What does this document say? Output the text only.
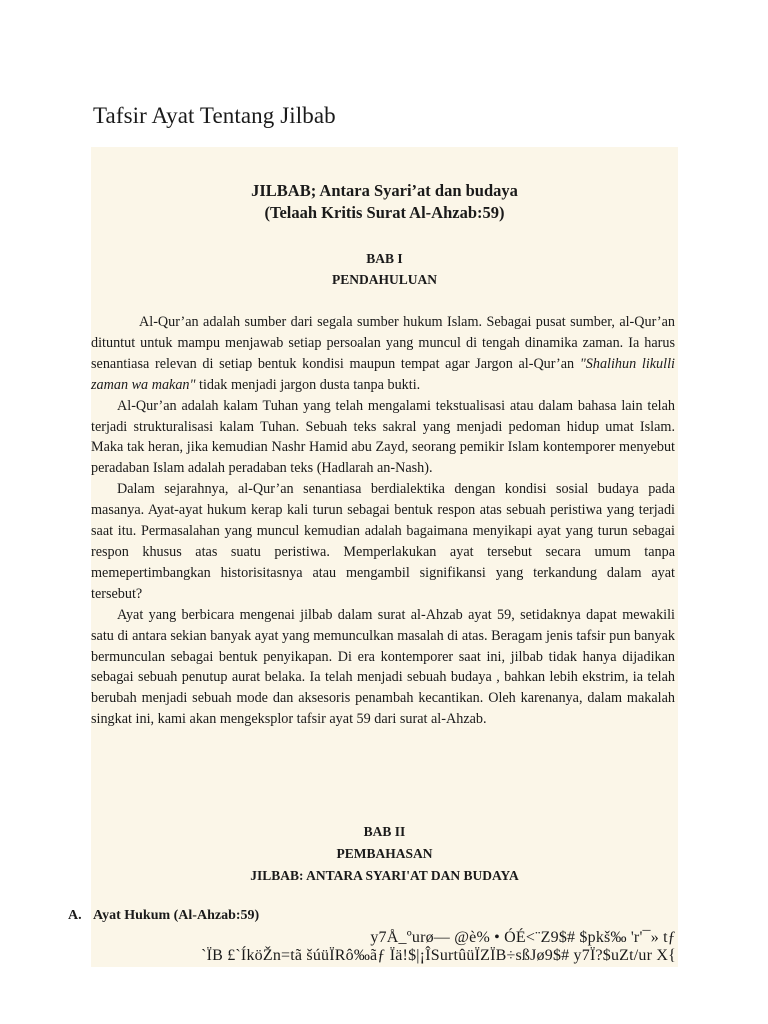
Tafsir Ayat Tentang Jilbab
JILBAB; Antara Syari’at dan budaya
(Telaah Kritis Surat Al-Ahzab:59)
BAB I
PENDAHULUAN

Al-Qur’an adalah sumber dari segala sumber hukum Islam. Sebagai pusat sumber, al-Qur’an dituntut untuk mampu menjawab setiap persoalan yang muncul di tengah dinamika zaman. Ia harus senantiasa relevan di setiap bentuk kondisi maupun tempat agar Jargon al-Qur’an "Shalihun likulli zaman wa makan" tidak menjadi jargon dusta tanpa bukti.

Al-Qur’an adalah kalam Tuhan yang telah mengalami tekstualisasi atau dalam bahasa lain telah terjadi strukturalisasi kalam Tuhan. Sebuah teks sakral yang menjadi pedoman hidup umat Islam. Maka tak heran, jika kemudian Nashr Hamid abu Zayd, seorang pemikir Islam kontemporer menyebut peradaban Islam adalah peradaban teks (Hadlarah an-Nash).

Dalam sejarahnya, al-Qur’an senantiasa berdialektika dengan kondisi sosial budaya pada masanya. Ayat-ayat hukum kerap kali turun sebagai bentuk respon atas sebuah peristiwa yang terjadi saat itu. Permasalahan yang muncul kemudian adalah bagaimana menyikapi ayat yang turun sebagai respon khusus atas suatu peristiwa. Memperlakukan ayat tersebut secara umum tanpa memepertimbangkan historisitasnya atau mengambil signifikansi yang terkandung dalam ayat tersebut?

Ayat yang berbicara mengenai jilbab dalam surat al-Ahzab ayat 59, setidaknya dapat mewakili satu di antara sekian banyak ayat yang memunculkan masalah di atas. Beragam jenis tafsir pun banyak bermunculan sebagai bentuk penyikapan. Di era kontemporer saat ini, jilbab tidak hanya dijadikan sebagai sebuah penutup aurat belaka. Ia telah menjadi sebuah budaya , bahkan lebih ekstrim, ia telah berubah menjadi sebuah mode dan aksesoris penambah kecantikan. Oleh karenanya, dalam makalah singkat ini, kami akan mengeksplor tafsir ayat 59 dari surat al-Ahzab.

BAB II
PEMBAHASAN
JILBAB: ANTARA SYARI'AT DAN BUDAYA
A. Ayat Hukum (Al-Ahzab:59)
y7Å_ºurø— @è% • ÓÉ<¨Z9$# $pkš‰ 'r'¯» tƒ
`ÏB £`ÍköŽn=tã šúüÏRô‰ãƒ Ïä!$|¡ÎSurtûüÏZÏB÷sßJø9$# y7Ï?$uZt/ur X{
